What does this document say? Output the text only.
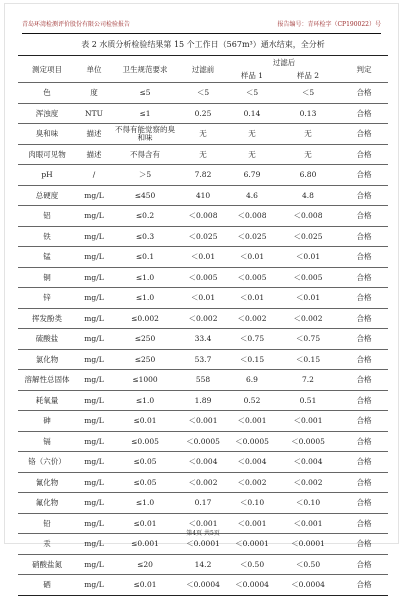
青岛环湾检测评价股份有限公司检验报告	报告编号：青环检字（CP190022）号
表 2 水质分析检验结果第 15 个工作日（567m³）通水结束，全分析
测定项目	单位	卫生规范要求	过滤前	过滤后		判定
				样品 1	样品 2	
色	度	≤5	＜5	＜5	＜5	合格
浑浊度	NTU	≤1	0.25	0.14	0.13	合格
臭和味	描述	不得有能觉察的臭和味	无	无	无	合格
肉眼可见物	描述	不得含有	无	无	无	合格
pH	/	＞5	7.82	6.79	6.80	合格
总硬度	mg/L	≤450	410	4.6	4.8	合格
铝	mg/L	≤0.2	＜0.008	＜0.008	＜0.008	合格
铁	mg/L	≤0.3	＜0.025	＜0.025	＜0.025	合格
锰	mg/L	≤0.1	＜0.01	＜0.01	＜0.01	合格
铜	mg/L	≤1.0	＜0.005	＜0.005	＜0.005	合格
锌	mg/L	≤1.0	＜0.01	＜0.01	＜0.01	合格
挥发酚类	mg/L	≤0.002	＜0.002	＜0.002	＜0.002	合格
硫酸盐	mg/L	≤250	33.4	＜0.75	＜0.75	合格
氯化物	mg/L	≤250	53.7	＜0.15	＜0.15	合格
溶解性总固体	mg/L	≤1000	558	6.9	7.2	合格
耗氧量	mg/L	≤1.0	1.89	0.52	0.51	合格
砷	mg/L	≤0.01	＜0.001	＜0.001	＜0.001	合格
镉	mg/L	≤0.005	＜0.0005	＜0.0005	＜0.0005	合格
铬（六价）	mg/L	≤0.05	＜0.004	＜0.004	＜0.004	合格
氰化物	mg/L	≤0.05	＜0.002	＜0.002	＜0.002	合格
氟化物	mg/L	≤1.0	0.17	＜0.10	＜0.10	合格
铅	mg/L	≤0.01	＜0.001	＜0.001	＜0.001	合格
汞	mg/L	≤0.001	＜0.0001	＜0.0001	＜0.0001	合格
硝酸盐氮	mg/L	≤20	14.2	＜0.50	＜0.50	合格
硒	mg/L	≤0.01	＜0.0004	＜0.0004	＜0.0004	合格
第4页 共5页
